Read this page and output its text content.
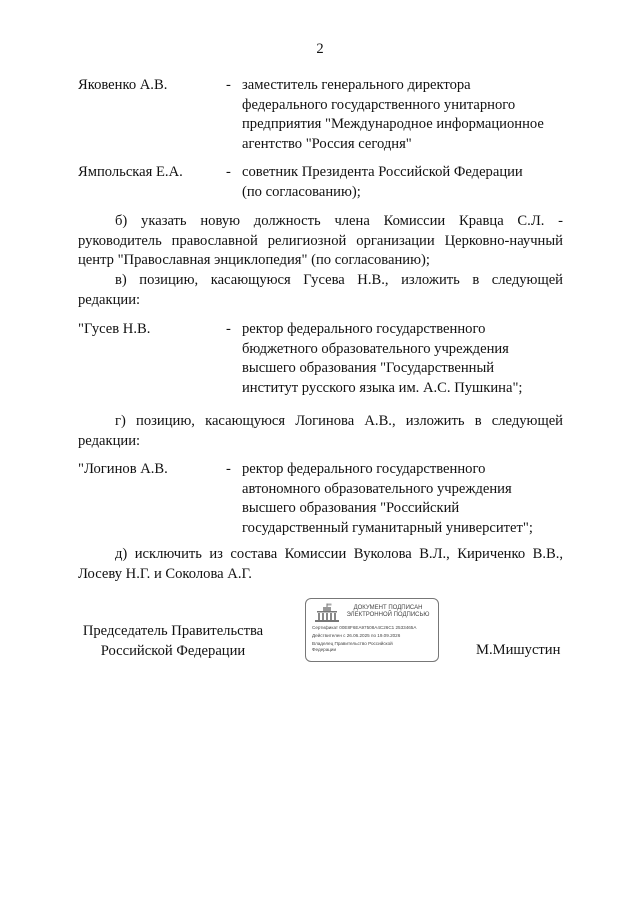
2
Яковенко А.В.	- заместитель генерального директора
федерального государственного унитарного
предприятия "Международное информационное
агентство "Россия сегодня"
Ямпольская Е.А.	- советник Президента Российской Федерации
(по согласованию);
б) указать новую должность члена Комиссии Кравца С.Л. -
руководитель православной религиозной организации Церковно-научный
центр "Православная энциклопедия" (по согласованию);
в) позицию, касающуюся Гусева Н.В., изложить в следующей
редакции:
"Гусев Н.В.	- ректор федерального государственного
бюджетного образовательного учреждения
высшего образования "Государственный
институт русского языка им. А.С. Пушкина";
г) позицию, касающуюся Логинова А.В., изложить в следующей
редакции:
"Логинов А.В.	- ректор федерального государственного
автономного образовательного учреждения
высшего образования "Российский
государственный гуманитарный университет";
д) исключить из состава Комиссии Вуколова В.Л., Кириченко В.В.,
Лосеву Н.Г. и Соколова А.Г.
Председатель Правительства
Российской Федерации	М.Мишустин
ДОКУМЕНТ ПОДПИСАН
ЭЛЕКТРОННОЙ ПОДПИСЬЮ
Сертификат 00E8F6EA97508A4C26C1 2533465A
Действителен с 26.06.2025 по 19.09.2026
Владелец Правительство Российской
Федерации
